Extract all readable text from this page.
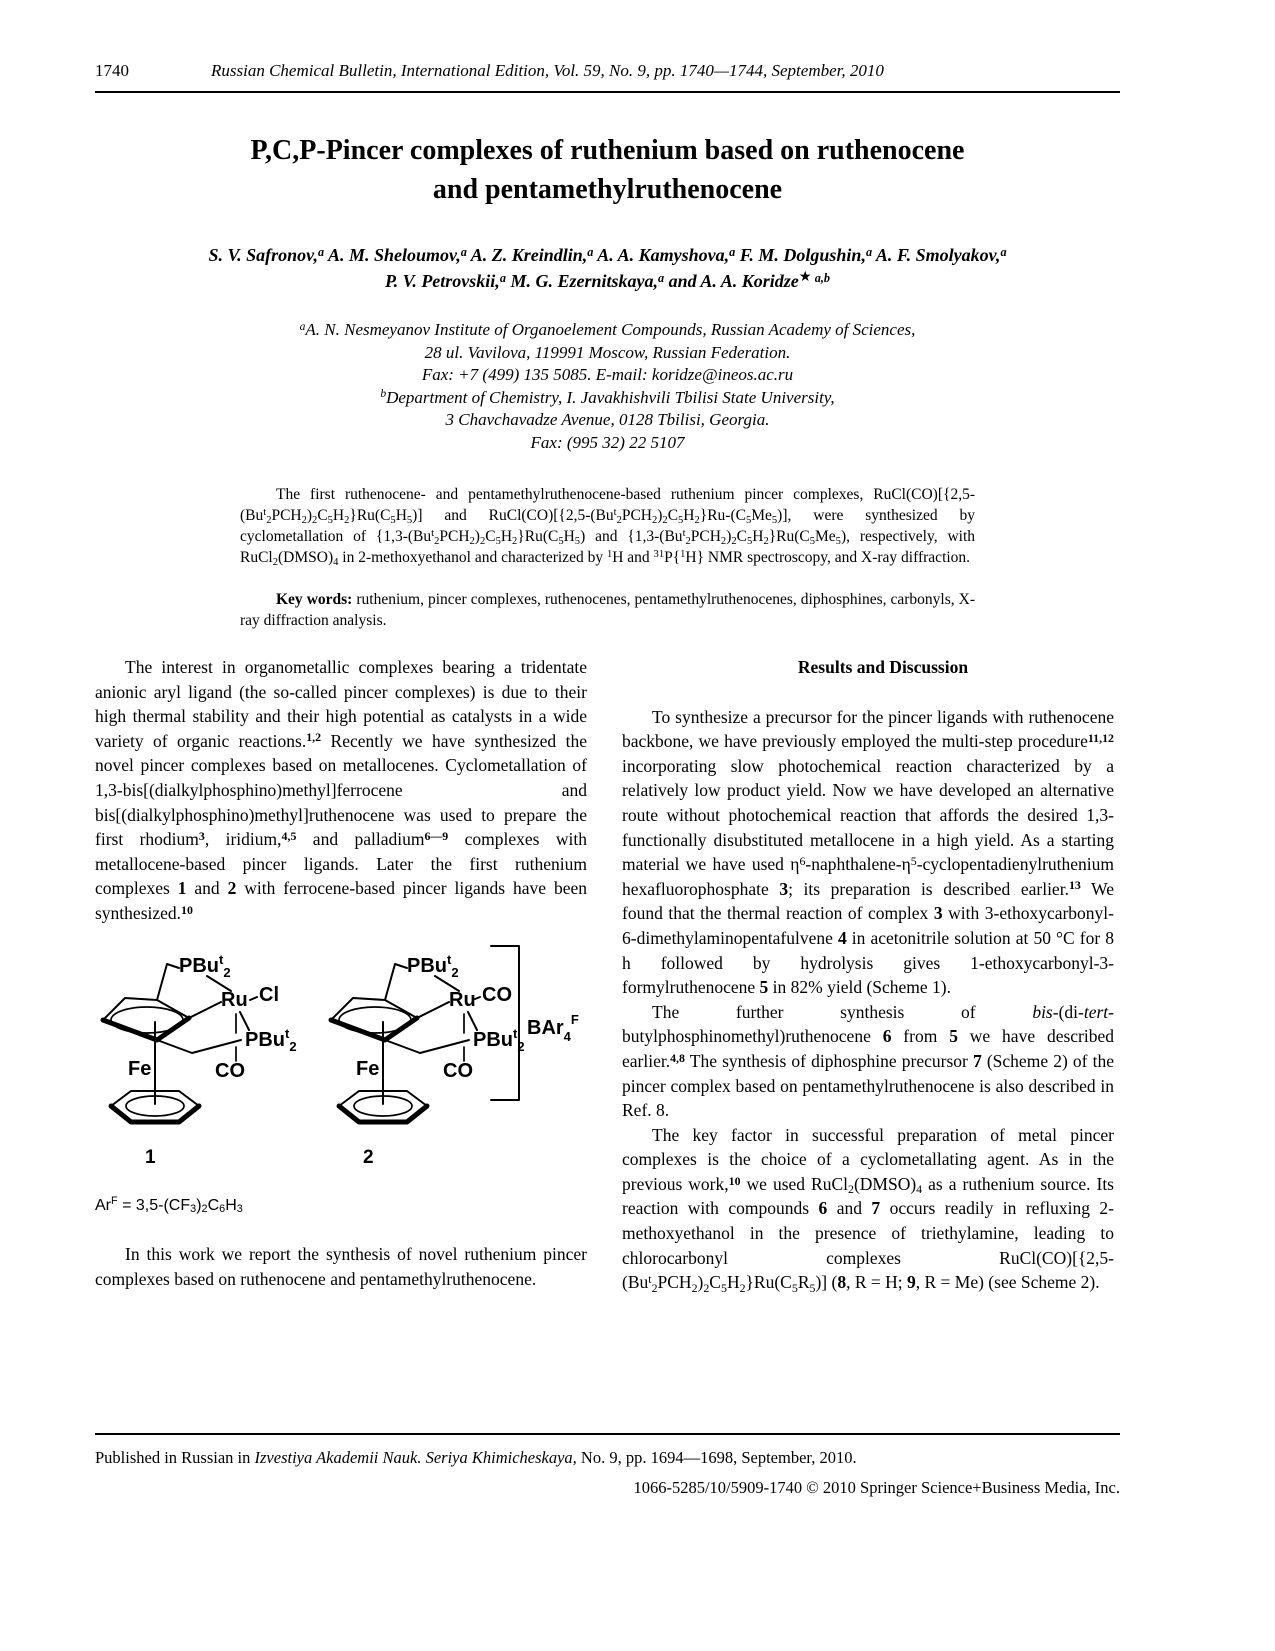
1740	Russian Chemical Bulletin, International Edition, Vol. 59, No. 9, pp. 1740—1744, September, 2010
P,C,P-Pincer complexes of ruthenium based on ruthenocene
and pentamethylruthenocene
S. V. Safronov,$^a$ A. M. Sheloumov,$^a$ A. Z. Kreindlin,$^a$ A. A. Kamyshova,$^a$ F. M. Dolgushin,$^a$ A. F. Smolyakov,$^a$
P. V. Petrovskii,$^a$ M. G. Ezernitskaya,$^a$ and A. A. Koridze★ $^{a,b}$
$^a$A. N. Nesmeyanov Institute of Organoelement Compounds, Russian Academy of Sciences,
28 ul. Vavilova, 119991 Moscow, Russian Federation.
Fax: +7 (499) 135 5085. E-mail: koridze@ineos.ac.ru
$^b$Department of Chemistry, I. Javakhishvili Tbilisi State University,
3 Chavchavadze Avenue, 0128 Tbilisi, Georgia.
Fax: (995 32) 22 5107
The first ruthenocene- and pentamethylruthenocene-based ruthenium pincer complexes, $RuCl(CO)[\{2,5-(Bu^t_2PCH_2)_2C_5H_2\}Ru(C_5H_5)]$ and $RuCl(CO)[\{2,5-(Bu^t_2PCH_2)_2C_5H_2\}Ru-(C_5Me_5)]$, were synthesized by cyclometallation of $\{1,3-(Bu^t_2PCH_2)_2C_5H_2\}Ru(C_5H_5)$ and $\{1,3-(Bu^t_2PCH_2)_2C_5H_2\}Ru(C_5Me_5)$, respectively, with $RuCl_2(DMSO)_4$ in 2-methoxyethanol and characterized by $^1$H and $^{31}$P{$^1$H} NMR spectroscopy, and X-ray diffraction.
Key words: ruthenium, pincer complexes, ruthenocenes, pentamethylruthenocenes, diphosphines, carbonyls, X-ray diffraction analysis.

The interest in organometallic complexes bearing a tridentate anionic aryl ligand (the so-called pincer complexes) is due to their high thermal stability and their high potential as catalysts in a wide variety of organic reactions.$^{1,2}$ Recently we have synthesized the novel pincer complexes based on metallocenes. Cyclometallation of 1,3-bis[(dialkylphosphino)methyl]ferrocene and bis[(dialkylphosphino)methyl]ruthenocene was used to prepare the first rhodium$^3$, iridium,$^{4,5}$ and palladium$^{6—9}$ complexes with metallocene-based pincer ligands. Later the first ruthenium complexes 1 and 2 with ferrocene-based pincer ligands have been synthesized.$^{10}$

Cl	CO
BAr$_4^F$
1	2
$Ar^F = 3,5-(CF_3)_2C_6H_3$

In this work we report the synthesis of novel ruthenium pincer complexes based on ruthenocene and pentamethylruthenocene.

Results and Discussion

To synthesize a precursor for the pincer ligands with ruthenocene backbone, we have previously employed the multi-step procedure$^{11,12}$ incorporating slow photochemical reaction characterized by a relatively low product yield. Now we have developed an alternative route without photochemical reaction that affords the desired 1,3-functionally disubstituted metallocene in a high yield. As a starting material we have used $\eta^6-naphthalene-\eta^5$-cyclopentadienylruthenium hexafluorophosphate 3; its preparation is described earlier.$^{13}$ We found that the thermal reaction of complex 3 with 3-ethoxycarbonyl-6-dimethylaminopentafulvene 4 in acetonitrile solution at 50 °C for 8 h followed by hydrolysis gives 1-ethoxycarbonyl-3-formylruthenocene 5 in 82% yield (Scheme 1).

The further synthesis of bis-(di-tert-butylphosphinomethyl)ruthenocene 6 from 5 we have described earlier.$^{4,8}$ The synthesis of diphosphine precursor 7 (Scheme 2) of the pincer complex based on pentamethylruthenocene is also described in Ref. 8.

The key factor in successful preparation of metal pincer complexes is the choice of a cyclometallating agent. As in the previous work,$^{10}$ we used $RuCl_2(DMSO)_4$ as a ruthenium source. Its reaction with compounds 6 and 7 occurs readily in refluxing 2-methoxyethanol in the presence of triethylamine, leading to chlorocarbonyl complexes $RuCl(CO)[\{2,5-(Bu^t_2PCH_2)_2C_5H_2\}Ru(C_5R_5)]$ (8, R = H; 9, R = Me) (see Scheme 2).

Published in Russian in Izvestiya Akademii Nauk. Seriya Khimicheskaya, No. 9, pp. 1694—1698, September, 2010.
1066-5285/10/5909-1740 © 2010 Springer Science+Business Media, Inc.
